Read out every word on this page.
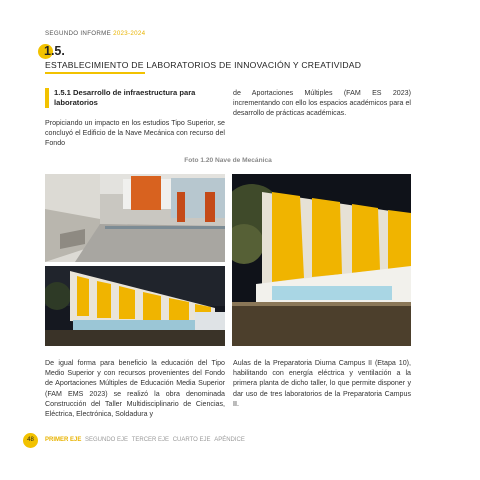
SEGUNDO INFORME 2023-2024
1.5.
ESTABLECIMIENTO DE LABORATORIOS DE INNOVACIÓN Y CREATIVIDAD
1.5.1 Desarrollo de infraestructura para laboratorios
Propiciando un impacto en los estudios Tipo Superior, se concluyó el Edificio de la Nave Mecánica con recurso del Fondo
de Aportaciones Múltiples (FAM ES 2023) incrementando con ello los espacios académicos para el desarrollo de prácticas académicas.
Foto 1.20 Nave de Mecánica
De igual forma para beneficio la educación del Tipo Medio Superior y con recursos provenientes del Fondo de Aportaciones Múltiples de Educación Media Superior (FAM EMS 2023) se realizó la obra denominada Construcción del Taller Multidisciplinario de Ciencias, Eléctrica, Electrónica, Soldadura y
Aulas de la Preparatoria Diurna Campus II (Etapa 10), habilitando con energía eléctrica y ventilación a la primera planta de dicho taller, lo que permite disponer y dar uso de tres laboratorios de la Preparatoria Campus II.
48	PRIMER EJE SEGUNDO EJE TERCER EJE CUARTO EJE APÉNDICE
